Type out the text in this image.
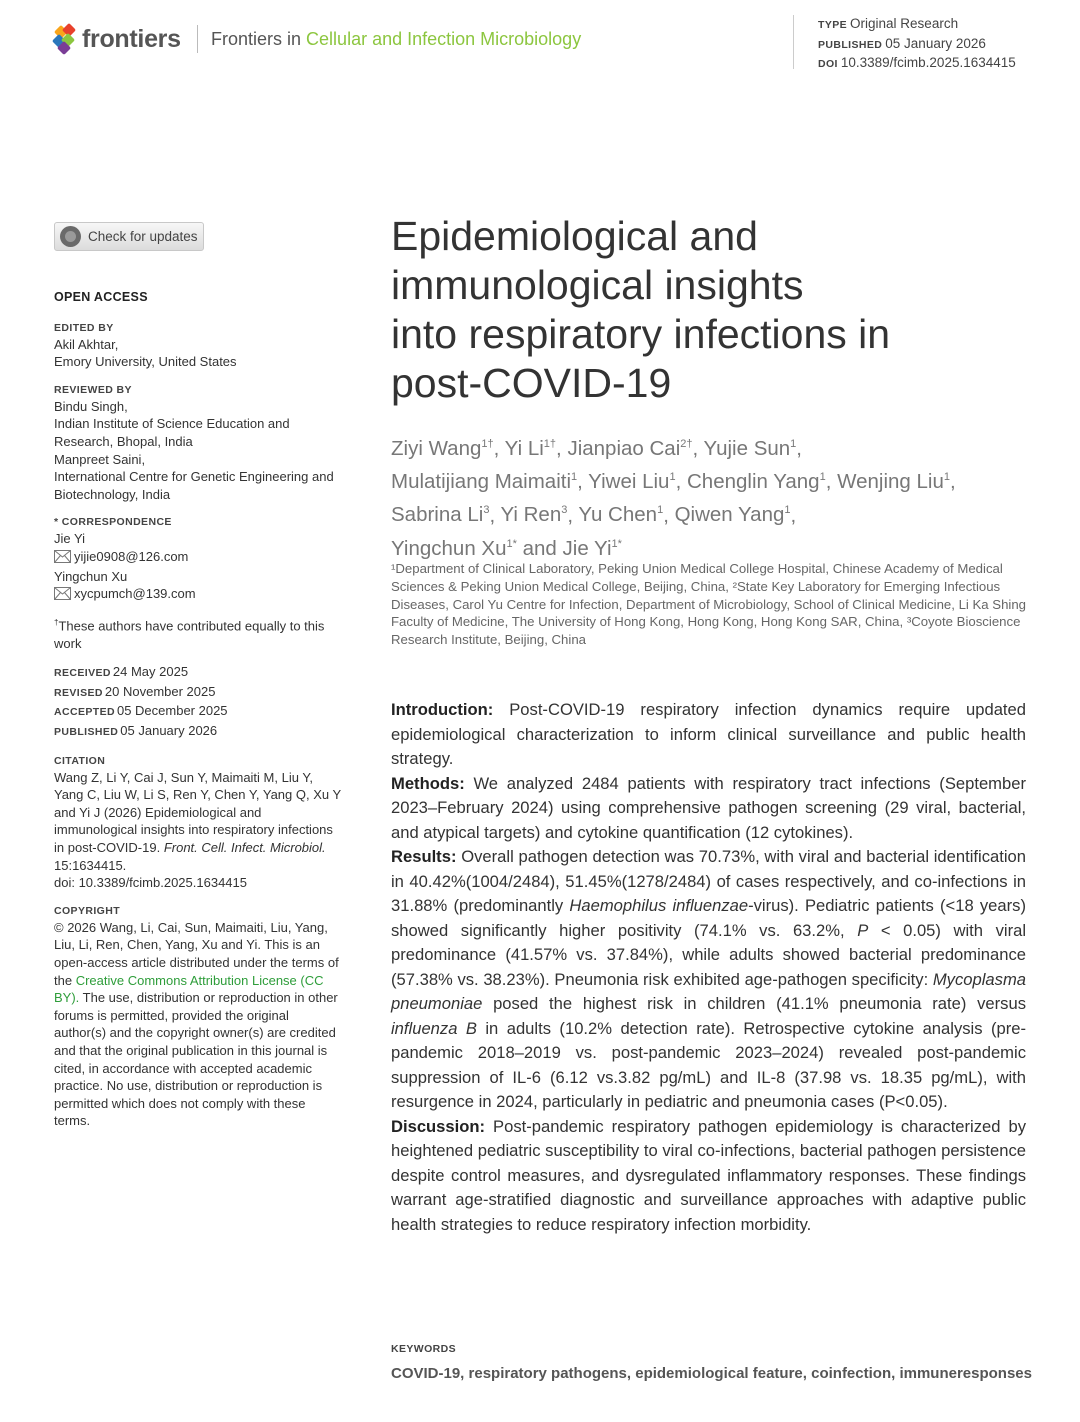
frontiers Frontiers in Cellular and Infection Microbiology
TYPE Original Research
PUBLISHED 05 January 2026
DOI 10.3389/fcimb.2025.1634415
Check for updates
OPEN ACCESS
EDITED BY
Akil Akhtar,
Emory University, United States
REVIEWED BY
Bindu Singh,
Indian Institute of Science Education and Research, Bhopal, India
Manpreet Saini,
International Centre for Genetic Engineering and Biotechnology, India
* CORRESPONDENCE
Jie Yi
yijie0908@126.com
Yingchun Xu
xycpumch@139.com
†These authors have contributed equally to this work
RECEIVED 24 May 2025
REVISED 20 November 2025
ACCEPTED 05 December 2025
PUBLISHED 05 January 2026
CITATION
Wang Z, Li Y, Cai J, Sun Y, Maimaiti M, Liu Y, Yang C, Liu W, Li S, Ren Y, Chen Y, Yang Q, Xu Y and Yi J (2026) Epidemiological and immunological insights into respiratory infections in post-COVID-19. Front. Cell. Infect. Microbiol. 15:1634415.
doi: 10.3389/fcimb.2025.1634415
COPYRIGHT
© 2026 Wang, Li, Cai, Sun, Maimaiti, Liu, Yang, Liu, Li, Ren, Chen, Yang, Xu and Yi. This is an open-access article distributed under the terms of the Creative Commons Attribution License (CC BY). The use, distribution or reproduction in other forums is permitted, provided the original author(s) and the copyright owner(s) are credited and that the original publication in this journal is cited, in accordance with accepted academic practice. No use, distribution or reproduction is permitted which does not comply with these terms.
Epidemiological and
immunological insights
into respiratory infections in
post-COVID-19
Ziyi Wang$^{1\dagger}$, Yi $Li^{1\dagger}$, Jianpiao Cai$^{2\dagger}$, Yujie Sun$^1$,
Mulatijiang Maimaiti$^1$, Yiwei Liu$^1$, Chenglin Yang$^1$, Wenjing Liu$^1$,
Sabrina Li$^3$, Yi Ren$^3$, Yu Chen$^1$, Qiwen Yang$^1$,
Yingchun $Xu^{1*}$ and Jie $Yi^{1*}$
¹Department of Clinical Laboratory, Peking Union Medical College Hospital, Chinese Academy of Medical Sciences & Peking Union Medical College, Beijing, China, ²State Key Laboratory for Emerging Infectious Diseases, Carol Yu Centre for Infection, Department of Microbiology, School of Clinical Medicine, Li Ka Shing Faculty of Medicine, The University of Hong Kong, Hong Kong, Hong Kong SAR, China, ³Coyote Bioscience Research Institute, Beijing, China
Introduction: Post-COVID-19 respiratory infection dynamics require updated epidemiological characterization to inform clinical surveillance and public health strategy.
Methods: We analyzed 2484 patients with respiratory tract infections (September 2023–February 2024) using comprehensive pathogen screening (29 viral, bacterial, and atypical targets) and cytokine quantification (12 cytokines).
Results: Overall pathogen detection was 70.73%, with viral and bacterial identification in 40.42%(1004/2484), 51.45%(1278/2484) of cases respectively, and co-infections in 31.88% (predominantly Haemophilus influenzae-virus). Pediatric patients (<18 years) showed significantly higher positivity (74.1% vs. 63.2%, P < 0.05) with viral predominance (41.57% vs. 37.84%), while adults showed bacterial predominance (57.38% vs. 38.23%). Pneumonia risk exhibited age-pathogen specificity: Mycoplasma pneumoniae posed the highest risk in children (41.1% pneumonia rate) versus influenza B in adults (10.2% detection rate). Retrospective cytokine analysis (pre-pandemic 2018–2019 vs. post-pandemic 2023–2024) revealed post-pandemic suppression of IL-6 (6.12 vs.3.82 pg/mL) and IL-8 (37.98 vs. 18.35 pg/mL), with resurgence in 2024, particularly in pediatric and pneumonia cases (P<0.05).
Discussion: Post-pandemic respiratory pathogen epidemiology is characterized by heightened pediatric susceptibility to viral co-infections, bacterial pathogen persistence despite control measures, and dysregulated inflammatory responses. These findings warrant age-stratified diagnostic and surveillance approaches with adaptive public health strategies to reduce respiratory infection morbidity.
KEYWORDS
COVID-19, respiratory pathogens, epidemiological feature, coinfection, immuneresponses
